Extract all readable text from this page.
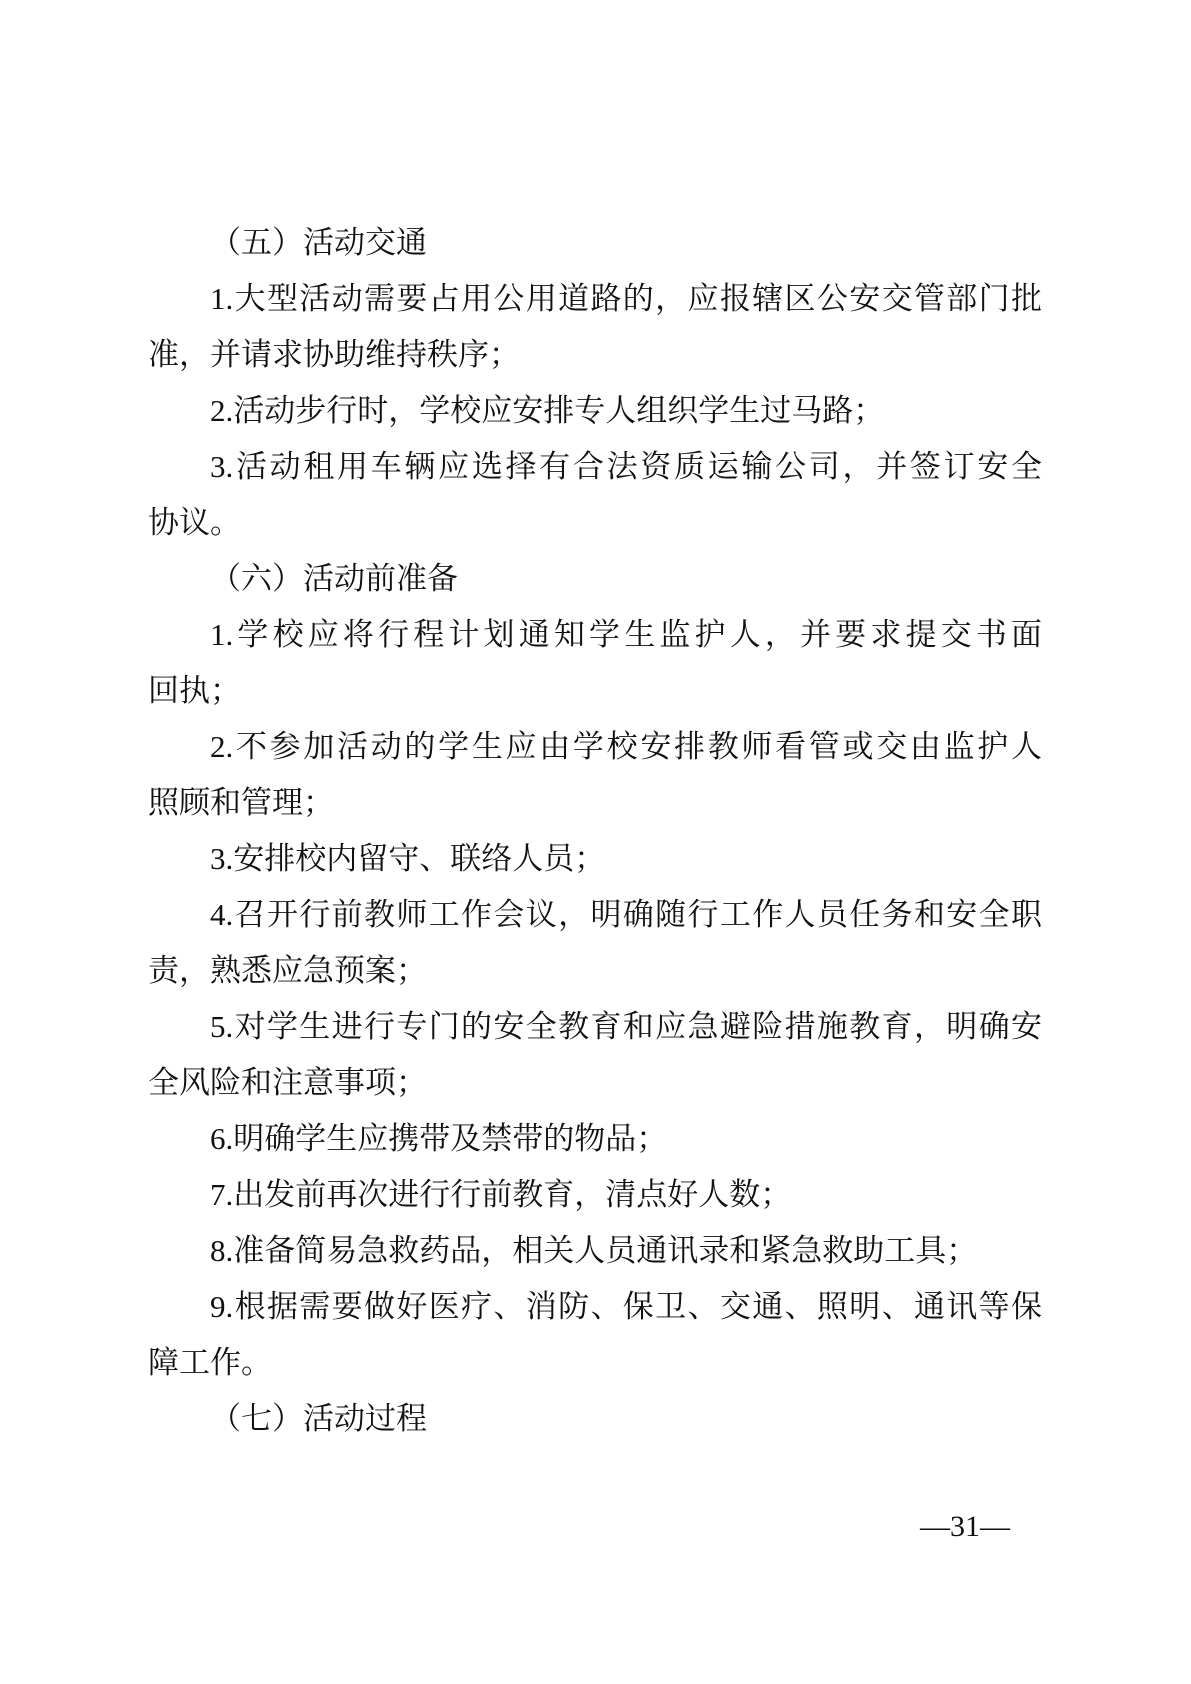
（五）活动交通
1.大型活动需要占用公用道路的，应报辖区公安交管部门批
准，并请求协助维持秩序；
2.活动步行时，学校应安排专人组织学生过马路；
3.活动租用车辆应选择有合法资质运输公司，并签订安全
协议。
（六）活动前准备
1.学校应将行程计划通知学生监护人，并要求提交书面
回执；
2.不参加活动的学生应由学校安排教师看管或交由监护人
照顾和管理；
3.安排校内留守、联络人员；
4.召开行前教师工作会议，明确随行工作人员任务和安全职
责，熟悉应急预案；
5.对学生进行专门的安全教育和应急避险措施教育，明确安
全风险和注意事项；
6.明确学生应携带及禁带的物品；
7.出发前再次进行行前教育，清点好人数；
8.准备简易急救药品，相关人员通讯录和紧急救助工具；
9.根据需要做好医疗、消防、保卫、交通、照明、通讯等保
障工作。
（七）活动过程
—31—
